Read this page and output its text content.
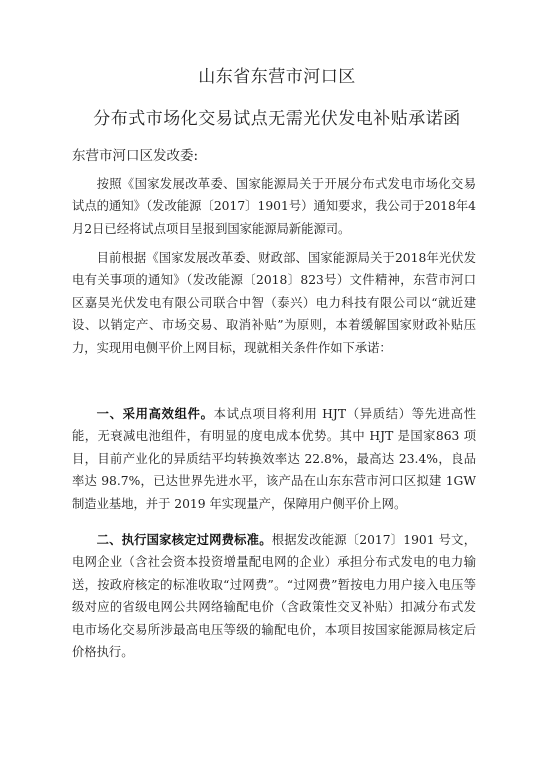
山东省东营市河口区
分布式市场化交易试点无需光伏发电补贴承诺函
东营市河口区发改委:
按照《国家发展改革委、国家能源局关于开展分布式发电市场化交易试点的通知》（发改能源〔2017〕1901号）通知要求，我公司于2018年4月2日已经将试点项目呈报到国家能源局新能源司。
目前根据《国家发展改革委、财政部、国家能源局关于2018年光伏发电有关事项的通知》（发改能源〔2018〕823号）文件精神，东营市河口区嘉昊光伏发电有限公司联合中智（泰兴）电力科技有限公司以“就近建设、以销定产、市场交易、取消补贴”为原则，本着缓解国家财政补贴压力，实现用电侧平价上网目标，现就相关条件作如下承诺：
一、采用高效组件。本试点项目将利用 HJT（异质结）等先进高性能，无衰减电池组件，有明显的度电成本优势。其中 HJT 是国家863 项目，目前产业化的异质结平均转换效率达 22.8%，最高达 23.4%，良品率达 98.7%，已达世界先进水平，该产品在山东东营市河口区拟建 1GW 制造业基地，并于 2019 年实现量产，保障用户侧平价上网。
二、执行国家核定过网费标准。根据发改能源〔2017〕1901 号文，电网企业（含社会资本投资增量配电网的企业）承担分布式发电的电力输送，按政府核定的标准收取“过网费”。“过网费”暂按电力用户接入电压等级对应的省级电网公共网络输配电价（含政策性交叉补贴）扣减分布式发电市场化交易所涉最高电压等级的输配电价，本项目按国家能源局核定后价格执行。
